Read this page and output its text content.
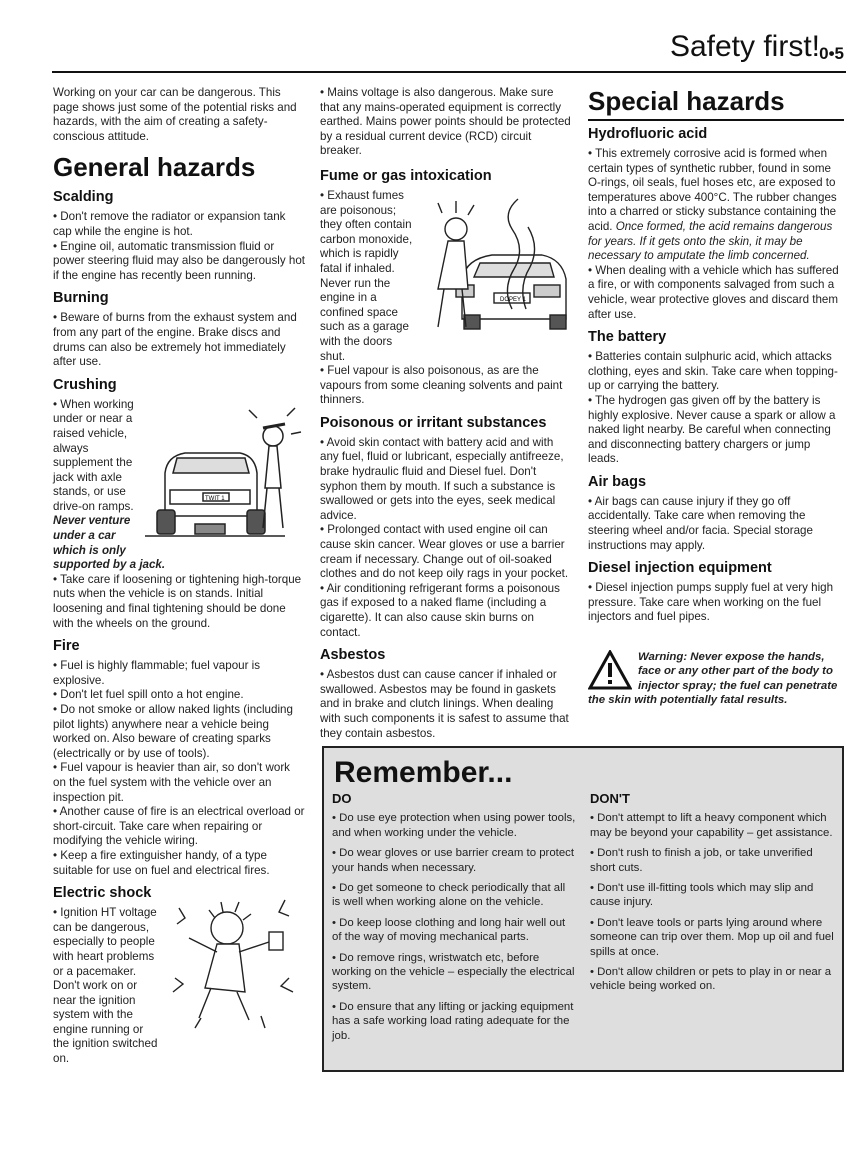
Safety first! 0•5

Working on your car can be dangerous. This page shows just some of the potential risks and hazards, with the aim of creating a safety-conscious attitude.

General hazards
Scalding

• Don't remove the radiator or expansion tank cap while the engine is hot.

• Engine oil, automatic transmission fluid or power steering fluid may also be dangerously hot if the engine has recently been running.

Burning

• Beware of burns from the exhaust system and from any part of the engine. Brake discs and drums can also be extremely hot immediately after use.

Crushing
TWIT 1

• When working under or near a raised vehicle, always supplement the jack with axle stands, or use drive-on ramps.

Never venture under a car which is only supported by a jack.

• Take care if loosening or tightening high-torque nuts when the vehicle is on stands. Initial loosening and final tightening should be done with the wheels on the ground.

Fire

• Fuel is highly flammable; fuel vapour is explosive.

• Don't let fuel spill onto a hot engine.

• Do not smoke or allow naked lights (including pilot lights) anywhere near a vehicle being worked on. Also beware of creating sparks (electrically or by use of tools).

• Fuel vapour is heavier than air, so don't work on the fuel system with the vehicle over an inspection pit.

• Another cause of fire is an electrical overload or short-circuit. Take care when repairing or modifying the vehicle wiring.

• Keep a fire extinguisher handy, of a type suitable for use on fuel and electrical fires.

Electric shock

• Ignition HT voltage can be dangerous, especially to people with heart problems or a pacemaker. Don't work on or near the ignition system with the engine running or the ignition switched on.

• Mains voltage is also dangerous. Make sure that any mains-operated equipment is correctly earthed. Mains power points should be protected by a residual current device (RCD) circuit breaker.

Fume or gas intoxication
DOPEY 1

• Exhaust fumes are poisonous; they often contain carbon monoxide, which is rapidly fatal if inhaled. Never run the engine in a confined space such as a garage with the doors shut.

• Fuel vapour is also poisonous, as are the vapours from some cleaning solvents and paint thinners.

Poisonous or irritant substances

• Avoid skin contact with battery acid and with any fuel, fluid or lubricant, especially antifreeze, brake hydraulic fluid and Diesel fuel. Don't syphon them by mouth. If such a substance is swallowed or gets into the eyes, seek medical advice.

• Prolonged contact with used engine oil can cause skin cancer. Wear gloves or use a barrier cream if necessary. Change out of oil-soaked clothes and do not keep oily rags in your pocket.

• Air conditioning refrigerant forms a poisonous gas if exposed to a naked flame (including a cigarette). It can also cause skin burns on contact.

Asbestos

• Asbestos dust can cause cancer if inhaled or swallowed. Asbestos may be found in gaskets and in brake and clutch linings. When dealing with such components it is safest to assume that they contain asbestos.

Special hazards
Hydrofluoric acid

• This extremely corrosive acid is formed when certain types of synthetic rubber, found in some O-rings, oil seals, fuel hoses etc, are exposed to temperatures above 400°C. The rubber changes into a charred or sticky substance containing the acid. Once formed, the acid remains dangerous for years. If it gets onto the skin, it may be necessary to amputate the limb concerned.

• When dealing with a vehicle which has suffered a fire, or with components salvaged from such a vehicle, wear protective gloves and discard them after use.

The battery

• Batteries contain sulphuric acid, which attacks clothing, eyes and skin. Take care when topping-up or carrying the battery.

• The hydrogen gas given off by the battery is highly explosive. Never cause a spark or allow a naked light nearby. Be careful when connecting and disconnecting battery chargers or jump leads.

Air bags

• Air bags can cause injury if they go off accidentally. Take care when removing the steering wheel and/or facia. Special storage instructions may apply.

Diesel injection equipment

• Diesel injection pumps supply fuel at very high pressure. Take care when working on the fuel injectors and fuel pipes.

Warning: Never expose the hands, face or any other part of the body to injector spray; the fuel can penetrate the skin with potentially fatal results.
Remember...
DO

• Do use eye protection when using power tools, and when working under the vehicle.

• Do wear gloves or use barrier cream to protect your hands when necessary.

• Do get someone to check periodically that all is well when working alone on the vehicle.

• Do keep loose clothing and long hair well out of the way of moving mechanical parts.

• Do remove rings, wristwatch etc, before working on the vehicle – especially the electrical system.

• Do ensure that any lifting or jacking equipment has a safe working load rating adequate for the job.

DON'T

• Don't attempt to lift a heavy component which may be beyond your capability – get assistance.

• Don't rush to finish a job, or take unverified short cuts.

• Don't use ill-fitting tools which may slip and cause injury.

• Don't leave tools or parts lying around where someone can trip over them. Mop up oil and fuel spills at once.

• Don't allow children or pets to play in or near a vehicle being worked on.
